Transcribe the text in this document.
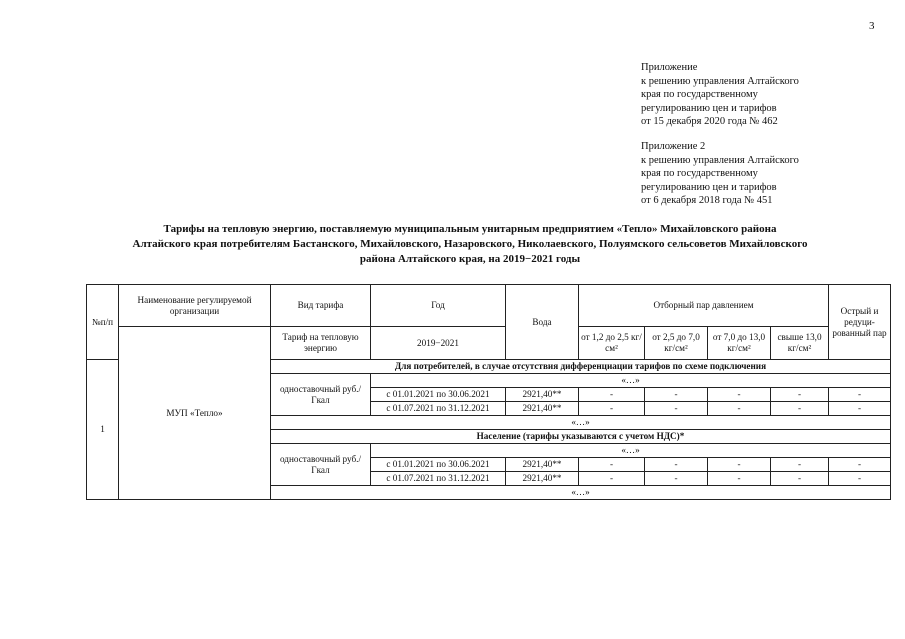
3
Приложение
к решению управления Алтайского
края по государственному
регулированию цен и тарифов
от 15 декабря 2020 года № 462
Приложение 2
к решению управления Алтайского
края по государственному
регулированию цен и тарифов
от 6 декабря 2018 года № 451
Тарифы на тепловую энергию, поставляемую муниципальным унитарным предприятием «Тепло» Михайловского района
Алтайского края потребителям Бастанского, Михайловского, Назаровского, Николаевского, Полуямского сельсоветов Михайловского
района Алтайского края, на 2019−2021 годы
№п/п	Наименование регулируемой организации	Вид тарифа	Год	Вода	Отборный пар давлением				Острый и редуци-рованный пар
	МУП «Тепло»	Тариф на тепловую энергию	2019−2021		от 1,2 до 2,5 кг/см²	от 2,5 до 7,0 кг/см²	от 7,0 до 13,0 кг/см²	свыше 13,0 кг/см²	
1		Для потребителей, в случае отсутствия дифференциации тарифов по схеме подключения							
		одноставочный руб./Гкал	«…»						
			с 01.01.2021 по 30.06.2021	2921,40**	-	-	-	-	-
			с 01.07.2021 по 31.12.2021	2921,40**	-	-	-	-	-
		«…»							
		Население (тарифы указываются с учетом НДС)*							
		одноставочный руб./Гкал	«…»						
			с 01.01.2021 по 30.06.2021	2921,40**	-	-	-	-	-
			с 01.07.2021 по 31.12.2021	2921,40**	-	-	-	-	-
		«…»							
